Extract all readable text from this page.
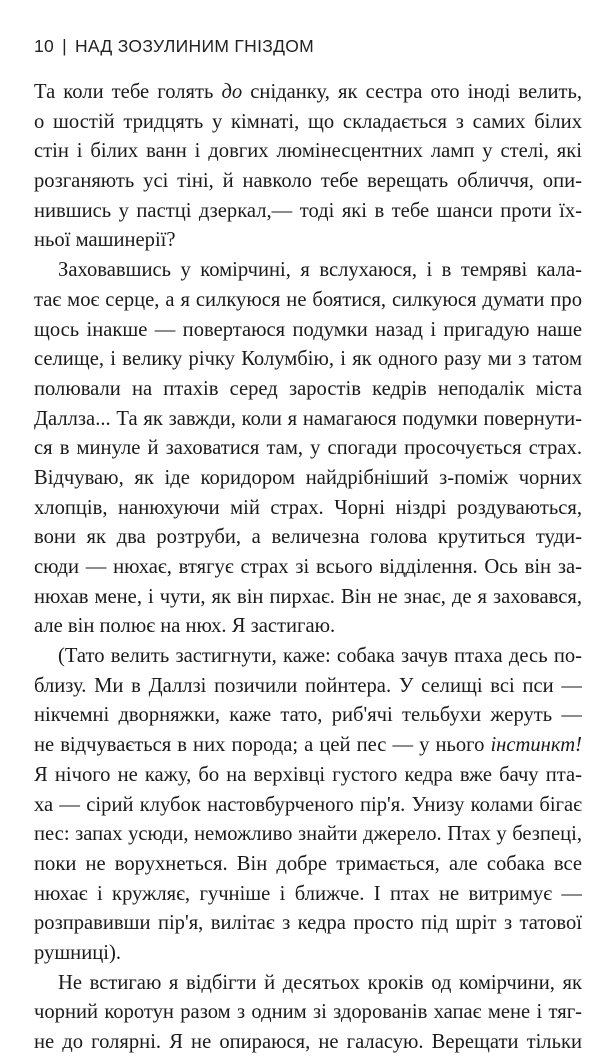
10 | НАД ЗОЗУЛИНИМ ГНІЗДОМ
Та коли тебе голять до сніданку, як сестра ото іноді велить,
о шостій тридцять у кімнаті, що складається з самих білих
стін і білих ванн і довгих люмінесцентних ламп у стелі, які
розганяють усі тіні, й навколо тебе верещать обличчя, опи-
нившись у пастці дзеркал,— тоді які в тебе шанси проти їх-
ньої машинерії?
Заховавшись у комірчині, я вслухаюся, і в темряві кала-
тає моє серце, а я силкуюся не боятися, силкуюся думати про
щось інакше — повертаюся подумки назад і пригадую наше
селище, і велику річку Колумбію, і як одного разу ми з татом
полювали на птахів серед заростів кедрів неподалік міста
Даллза... Та як завжди, коли я намагаюся подумки повернути-
ся в минуле й заховатися там, у спогади просочується страх.
Відчуваю, як іде коридором найдрібніший з-поміж чорних
хлопців, нанюхуючи мій страх. Чорні ніздрі роздуваються,
вони як два розтруби, а величезна голова крутиться туди-
сюди — нюхає, втягує страх зі всього відділення. Ось він за-
нюхав мене, і чути, як він пирхає. Він не знає, де я заховався,
але він полює на нюх. Я застигаю.
(Тато велить застигнути, каже: собака зачув птаха десь по-
близу. Ми в Даллзі позичили пойнтера. У селищі всі пси —
нікчемні дворняжки, каже тато, риб'ячі тельбухи жеруть —
не відчувається в них порода; а цей пес — у нього інстинкт!
Я нічого не кажу, бо на верхівці густого кедра вже бачу пта-
ха — сірий клубок настовбурченого пір'я. Унизу колами бігає
пес: запах усюди, неможливо знайти джерело. Птах у безпеці,
поки не ворухнеться. Він добре тримається, але собака все
нюхає і кружляє, гучніше і ближче. І птах не витримує —
розправивши пір'я, вилітає з кедра просто під шріт з татової
рушниці).
Не встигаю я відбігти й десятьох кроків од комірчини, як
чорний коротун разом з одним зі здорованів хапає мене і тяг-
не до голярні. Я не опираюся, не галасую. Верещати тільки
